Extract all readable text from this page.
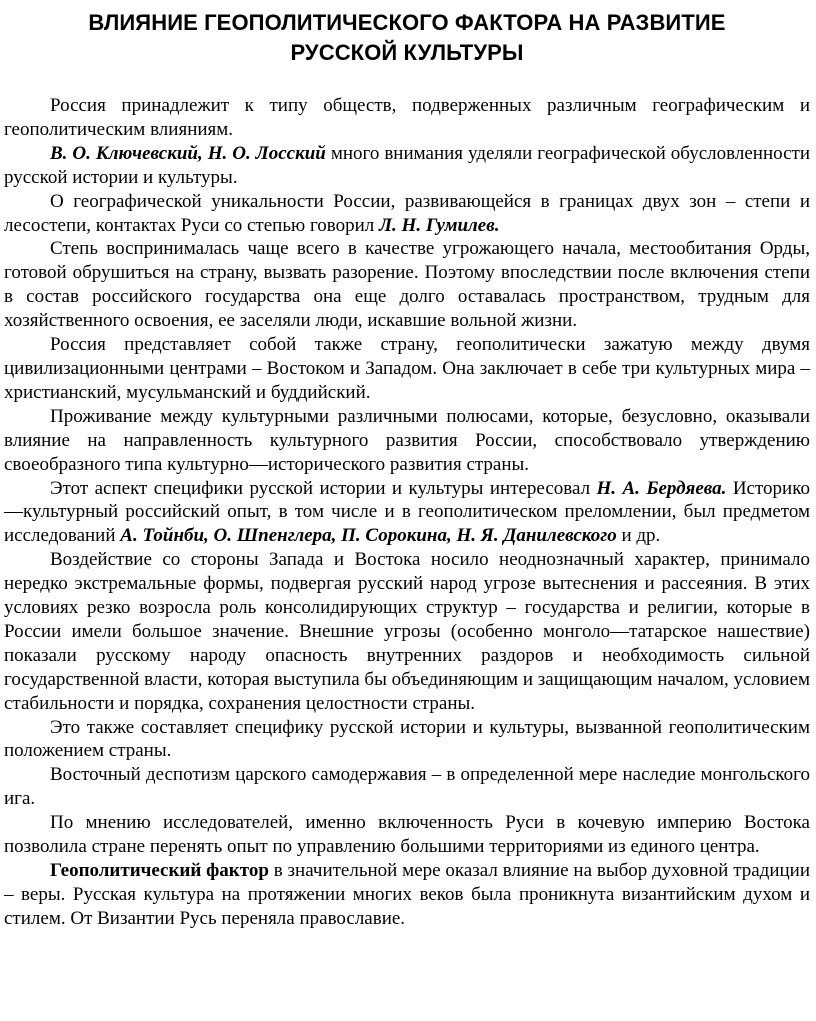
ВЛИЯНИЕ ГЕОПОЛИТИЧЕСКОГО ФАКТОРА НА РАЗВИТИЕ
РУССКОЙ КУЛЬТУРЫ

Россия принадлежит к типу обществ, подверженных различным географическим и геополитическим влияниям.

В. О. Ключевский, Н. О. Лосский много внимания уделяли географической обусловленности русской истории и культуры.

О географической уникальности России, развивающейся в границах двух зон – степи и лесостепи, контактах Руси со степью говорил Л. Н. Гумилев.

Степь воспринималась чаще всего в качестве угрожающего начала, местообитания Орды, готовой обрушиться на страну, вызвать разорение. Поэтому впоследствии после включения степи в состав российского государства она еще долго оставалась пространством, трудным для хозяйственного освоения, ее заселяли люди, искавшие вольной жизни.

Россия представляет собой также страну, геополитически зажатую между двумя цивилизационными центрами – Востоком и Западом. Она заключает в себе три культурных мира – христианский, мусульманский и буддийский.

Проживание между культурными различными полюсами, которые, безусловно, оказывали влияние на направленность культурного развития России, способствовало утверждению своеобразного типа культурно—исторического развития страны.

Этот аспект специфики русской истории и культуры интересовал Н. А. Бердяева. Историко—культурный российский опыт, в том числе и в геополитическом преломлении, был предметом исследований А. Тойнби, О. Шпенглера, П. Сорокина, Н. Я. Данилевского и др.

Воздействие со стороны Запада и Востока носило неоднозначный характер, принимало нередко экстремальные формы, подвергая русский народ угрозе вытеснения и рассеяния. В этих условиях резко возросла роль консолидирующих структур – государства и религии, которые в России имели большое значение. Внешние угрозы (особенно монголо—татарское нашествие) показали русскому народу опасность внутренних раздоров и необходимость сильной государственной власти, которая выступила бы объединяющим и защищающим началом, условием стабильности и порядка, сохранения целостности страны.

Это также составляет специфику русской истории и культуры, вызванной геополитическим положением страны.

Восточный деспотизм царского самодержавия – в определенной мере наследие монгольского ига.

По мнению исследователей, именно включенность Руси в кочевую империю Востока позволила стране перенять опыт по управлению большими территориями из единого центра.

Геополитический фактор в значительной мере оказал влияние на выбор духовной традиции – веры. Русская культура на протяжении многих веков была проникнута византийским духом и стилем. От Византии Русь переняла православие.
